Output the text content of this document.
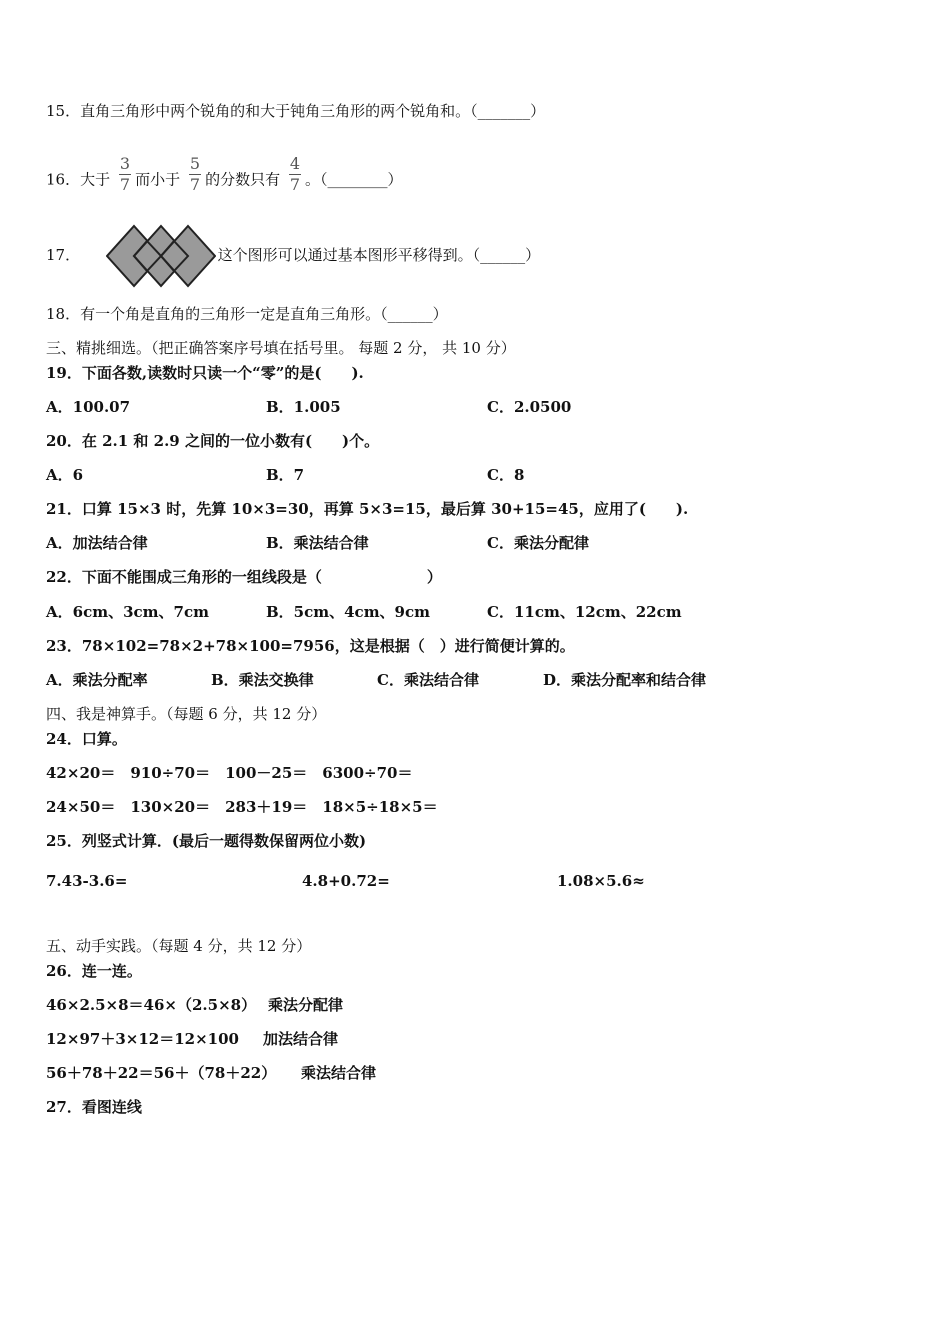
15．直角三角形中两个锐角的和大于钝角三角形的两个锐角和。（_______）
16．大于 $\frac{3}{7}$ 而小于 $\frac{5}{7}$ 的分数只有 $\frac{4}{7}$ 。（________）
17．	这个图形可以通过基本图形平移得到。（______）
18．有一个角是直角的三角形一定是直角三角形。（______）
三、精挑细选。（把正确答案序号填在括号里。 每题 2 分， 共 10 分）
19．下面各数,读数时只读一个“零”的是(　　).
A．100.07	B．1.005	C．2.0500
20．在 2.1 和 2.9 之间的一位小数有(　　)个。
A．6	B．7	C．8
21．口算 15×3 时，先算 10×3=30，再算 5×3=15，最后算 30+15=45，应用了(　　).
A．加法结合律	B．乘法结合律	C．乘法分配律
22．下面不能围成三角形的一组线段是（　　　　　　　）
A．6cm、3cm、7cm	B．5cm、4cm、9cm	C．11cm、12cm、22cm
23．78×102=78×2+78×100=7956，这是根据（　）进行简便计算的。
A．乘法分配率	B．乘法交换律	C．乘法结合律	D．乘法分配率和结合律
四、我是神算手。（每题 6 分，共 12 分）
24．口算。
42×20＝　910÷70＝　100－25＝　6300÷70＝
24×50＝　130×20＝　283＋19＝　18×5÷18×5＝
25．列竖式计算．(最后一题得数保留两位小数)
7.43-3.6=	4.8+0.72=	1.08×5.6≈
五、动手实践。（每题 4 分，共 12 分）
26．连一连。
46×2.5×8＝46×（2.5×8） 乘法分配律
12×97＋3×12＝12×100 加法结合律
56＋78＋22＝56＋（78＋22） 乘法结合律
27．看图连线
